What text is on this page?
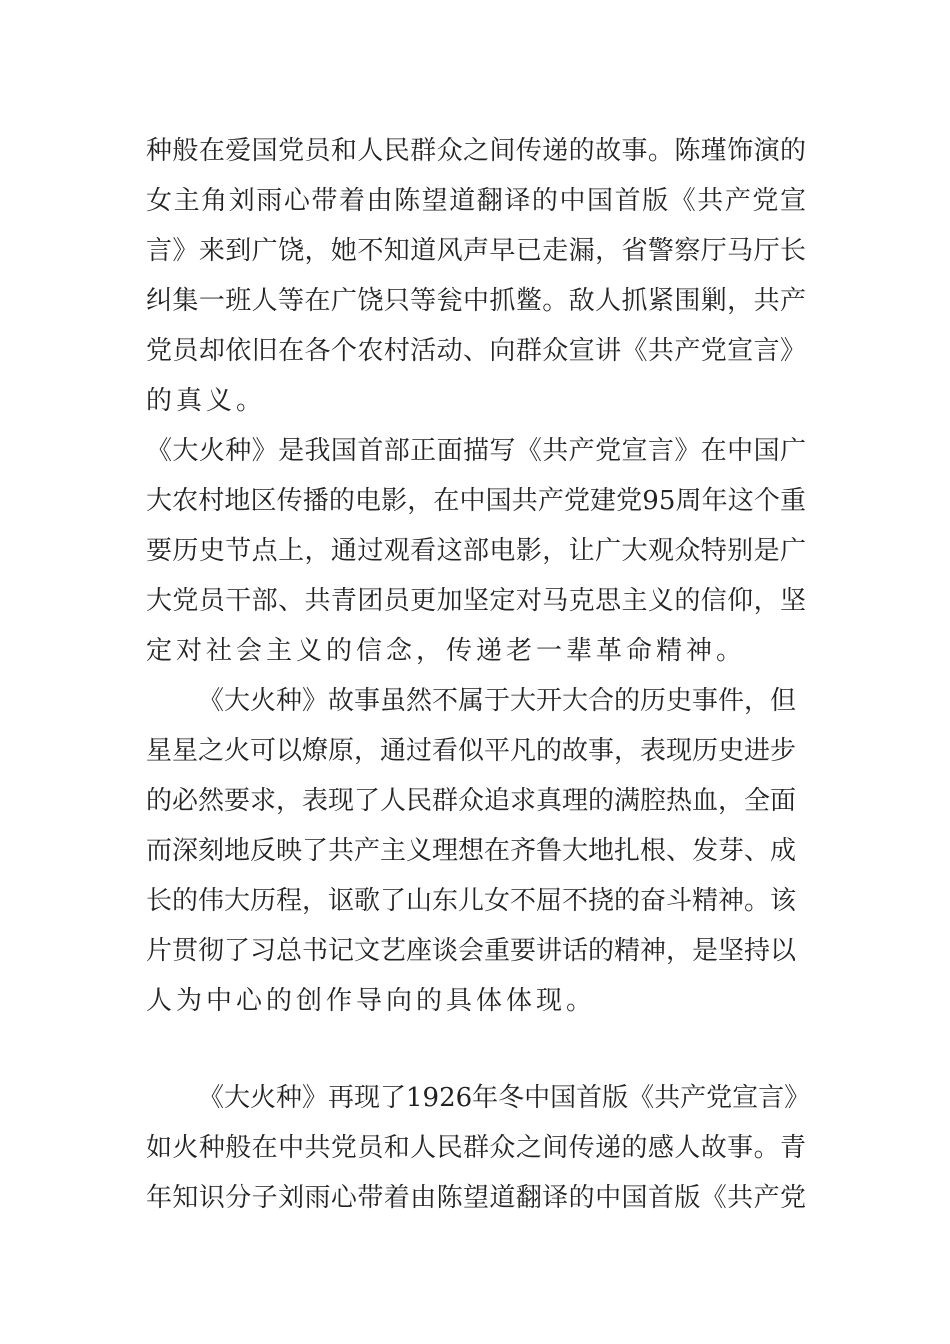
种般在爱国党员和人民群众之间传递的故事。陈瑾饰演的
女主角刘雨心带着由陈望道翻译的中国首版《共产党宣
言》来到广饶，她不知道风声早已走漏，省警察厅马厅长
纠集一班人等在广饶只等瓮中抓鳖。敌人抓紧围剿，共产
党员却依旧在各个农村活动、向群众宣讲《共产党宣言》
的真义。
《大火种》是我国首部正面描写《共产党宣言》在中国广
大农村地区传播的电影，在中国共产党建党95周年这个重
要历史节点上，通过观看这部电影，让广大观众特别是广
大党员干部、共青团员更加坚定对马克思主义的信仰，坚
定对社会主义的信念，传递老一辈革命精神。
《大火种》故事虽然不属于大开大合的历史事件，但
星星之火可以燎原，通过看似平凡的故事，表现历史进步
的必然要求，表现了人民群众追求真理的满腔热血，全面
而深刻地反映了共产主义理想在齐鲁大地扎根、发芽、成
长的伟大历程，讴歌了山东儿女不屈不挠的奋斗精神。该
片贯彻了习总书记文艺座谈会重要讲话的精神，是坚持以
人为中心的创作导向的具体体现。
《大火种》再现了1926年冬中国首版《共产党宣言》
如火种般在中共党员和人民群众之间传递的感人故事。青
年知识分子刘雨心带着由陈望道翻译的中国首版《共产党
